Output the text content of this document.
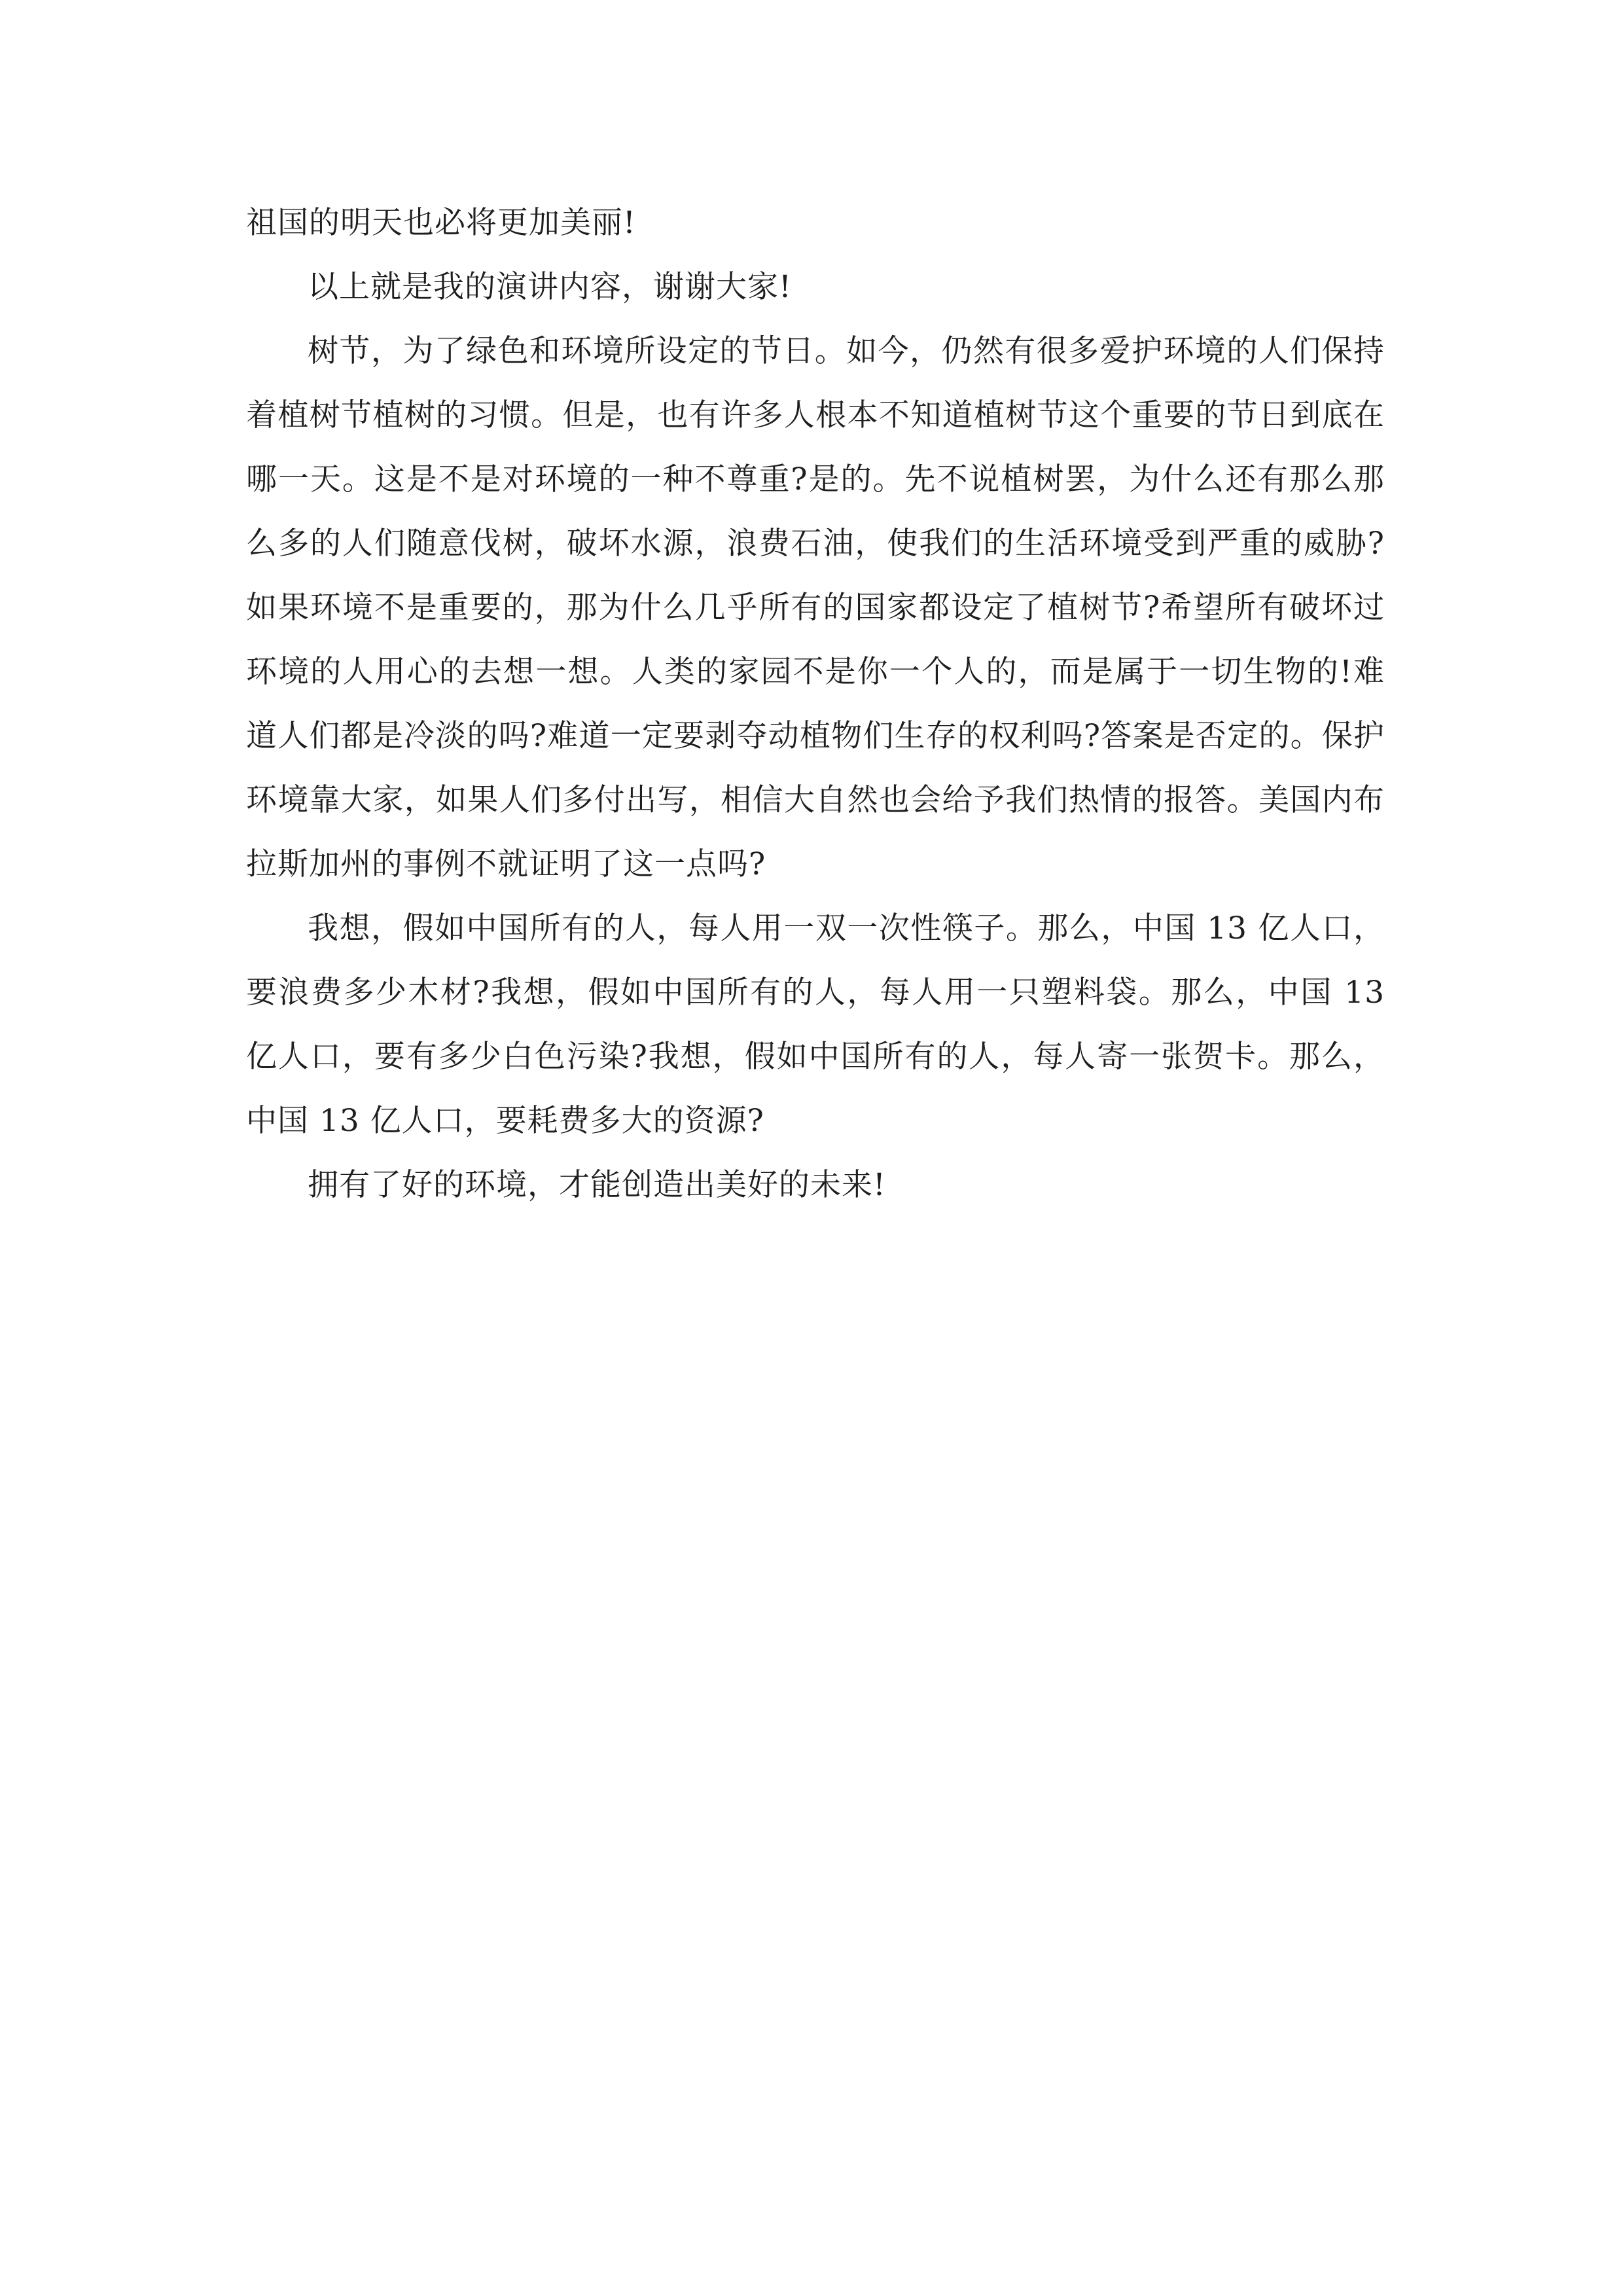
祖国的明天也必将更加美丽!

以上就是我的演讲内容，谢谢大家!

树节，为了绿色和环境所设定的节日。如今，仍然有很多爱护环境的人们保持着植树节植树的习惯。但是，也有许多人根本不知道植树节这个重要的节日到底在哪一天。这是不是对环境的一种不尊重?是的。先不说植树罢，为什么还有那么那么多的人们随意伐树，破坏水源，浪费石油，使我们的生活环境受到严重的威胁?如果环境不是重要的，那为什么几乎所有的国家都设定了植树节?希望所有破坏过环境的人用心的去想一想。人类的家园不是你一个人的，而是属于一切生物的!难道人们都是冷淡的吗?难道一定要剥夺动植物们生存的权利吗?答案是否定的。保护环境靠大家，如果人们多付出写，相信大自然也会给予我们热情的报答。美国内布拉斯加州的事例不就证明了这一点吗?

我想，假如中国所有的人，每人用一双一次性筷子。那么，中国 13 亿人口，要浪费多少木材?我想，假如中国所有的人，每人用一只塑料袋。那么，中国 13 亿人口，要有多少白色污染?我想，假如中国所有的人，每人寄一张贺卡。那么，中国 13 亿人口，要耗费多大的资源?

拥有了好的环境，才能创造出美好的未来!
